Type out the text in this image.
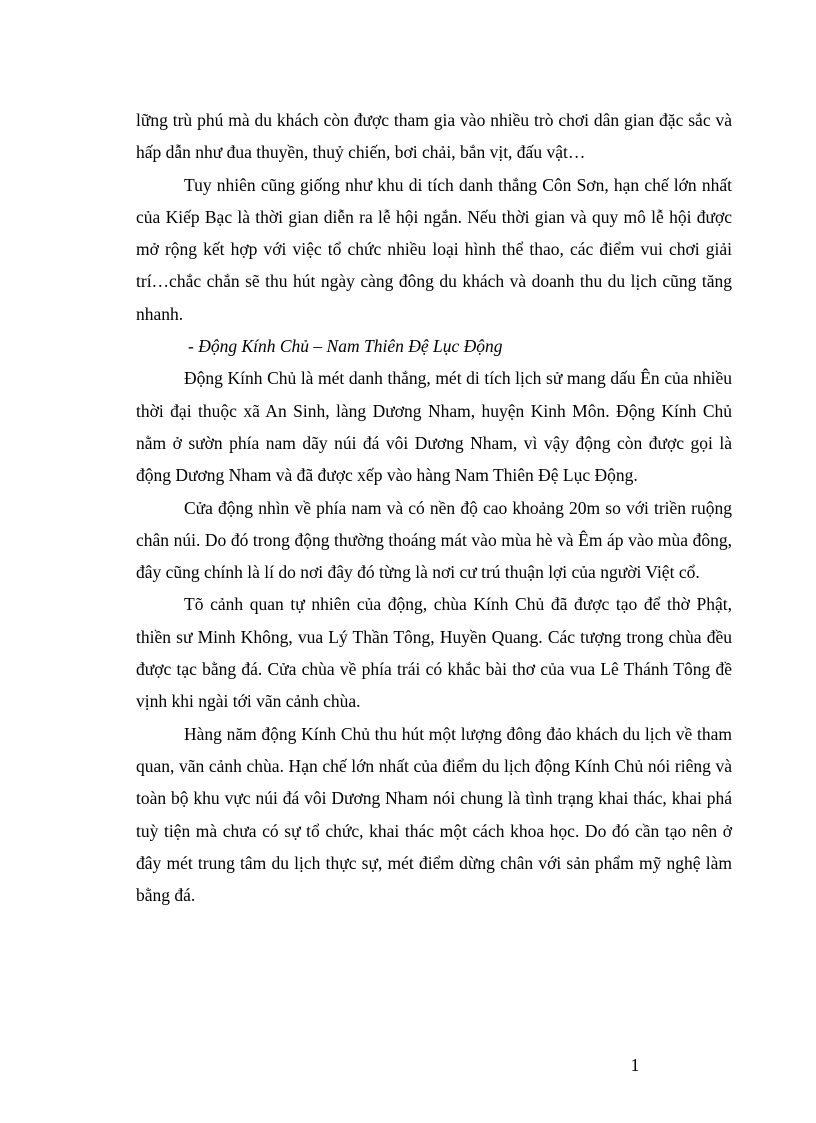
lững trù phú mà du khách còn được tham gia vào nhiều trò chơi dân gian đặc sắc và hấp dẫn như đua thuyền, thuỷ chiến, bơi chải, bắn vịt, đấu vật…

Tuy nhiên cũng giống như khu di tích danh thắng Côn Sơn, hạn chế lớn nhất của Kiếp Bạc là thời gian diễn ra lễ hội ngắn. Nếu thời gian và quy mô lễ hội được mở rộng kết hợp với việc tổ chức nhiều loại hình thể thao, các điểm vui chơi giải trí…chắc chắn sẽ thu hút ngày càng đông du khách và doanh thu du lịch cũng tăng nhanh.

- Động Kính Chủ – Nam Thiên Đệ Lục Động

Động Kính Chủ là mét danh thắng, mét di tích lịch sử mang dấu Ên của nhiều thời đại thuộc xã An Sinh, làng Dương Nham, huyện Kinh Môn. Động Kính Chủ nằm ở sườn phía nam dãy núi đá vôi Dương Nham, vì vậy động còn được gọi là động Dương Nham và đã được xếp vào hàng Nam Thiên Đệ Lục Động.

Cửa động nhìn về phía nam và có nền độ cao khoảng 20m so với triền ruộng chân núi. Do đó trong động thường thoáng mát vào mùa hè và Êm áp vào mùa đông, đây cũng chính là lí do nơi đây đó từng là nơi cư trú thuận lợi của người Việt cổ.

Tõ cảnh quan tự nhiên của động, chùa Kính Chủ đã được tạo để thờ Phật, thiền sư Minh Không, vua Lý Thần Tông, Huyền Quang. Các tượng trong chùa đều được tạc bằng đá. Cửa chùa về phía trái có khắc bài thơ của vua Lê Thánh Tông đề vịnh khi ngài tới vãn cảnh chùa.

Hàng năm động Kính Chủ thu hút một lượng đông đảo khách du lịch về tham quan, vãn cảnh chùa. Hạn chế lớn nhất của điểm du lịch động Kính Chủ nói riêng và toàn bộ khu vực núi đá vôi Dương Nham nói chung là tình trạng khai thác, khai phá tuỳ tiện mà chưa có sự tổ chức, khai thác một cách khoa học. Do đó cần tạo nên ở đây mét trung tâm du lịch thực sự, mét điểm dừng chân với sản phẩm mỹ nghệ làm bằng đá.

1
